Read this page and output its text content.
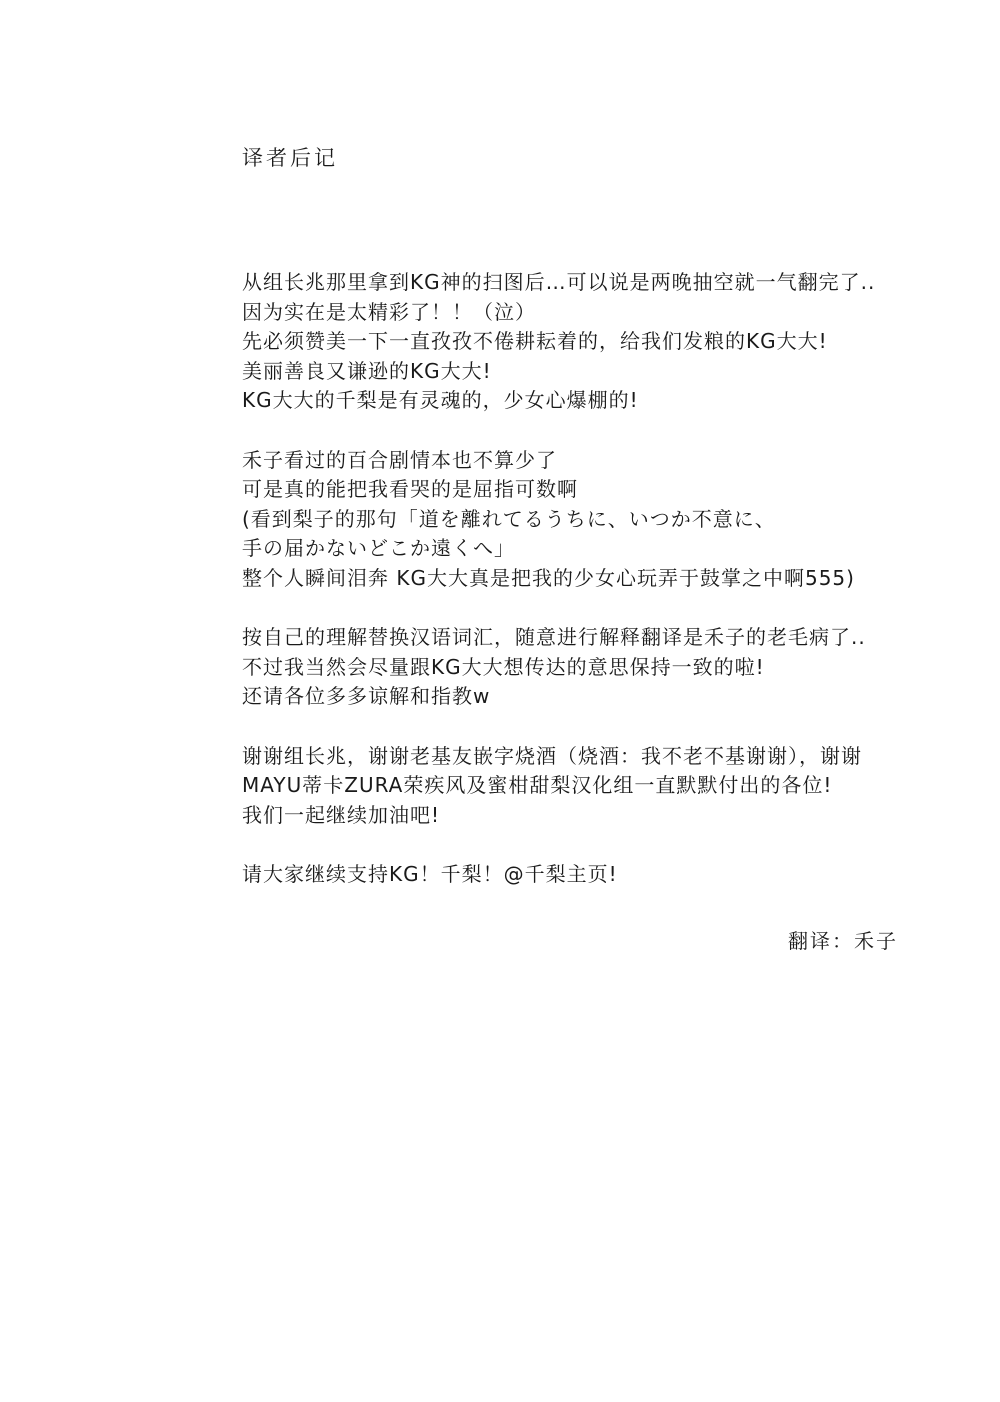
译者后记
从组长兆那里拿到KG神的扫图后…可以说是两晚抽空就一气翻完了..
因为实在是太精彩了！！（泣）
先必须赞美一下一直孜孜不倦耕耘着的，给我们发粮的KG大大!
美丽善良又谦逊的KG大大!
KG大大的千梨是有灵魂的，少女心爆棚的!
禾子看过的百合剧情本也不算少了
可是真的能把我看哭的是屈指可数啊
(看到梨子的那句「道を離れてるうちに、いつか不意に、
手の届かないどこか遠くへ」
整个人瞬间泪奔 KG大大真是把我的少女心玩弄于鼓掌之中啊555)
按自己的理解替换汉语词汇，随意进行解释翻译是禾子的老毛病了..
不过我当然会尽量跟KG大大想传达的意思保持一致的啦!
还请各位多多谅解和指教w
谢谢组长兆，谢谢老基友嵌字烧酒（烧酒：我不老不基谢谢），谢谢
MAYU蒂卡ZURA荣疾风及蜜柑甜梨汉化组一直默默付出的各位!
我们一起继续加油吧!
请大家继续支持KG！千梨！@千梨主页!
翻译：禾子
